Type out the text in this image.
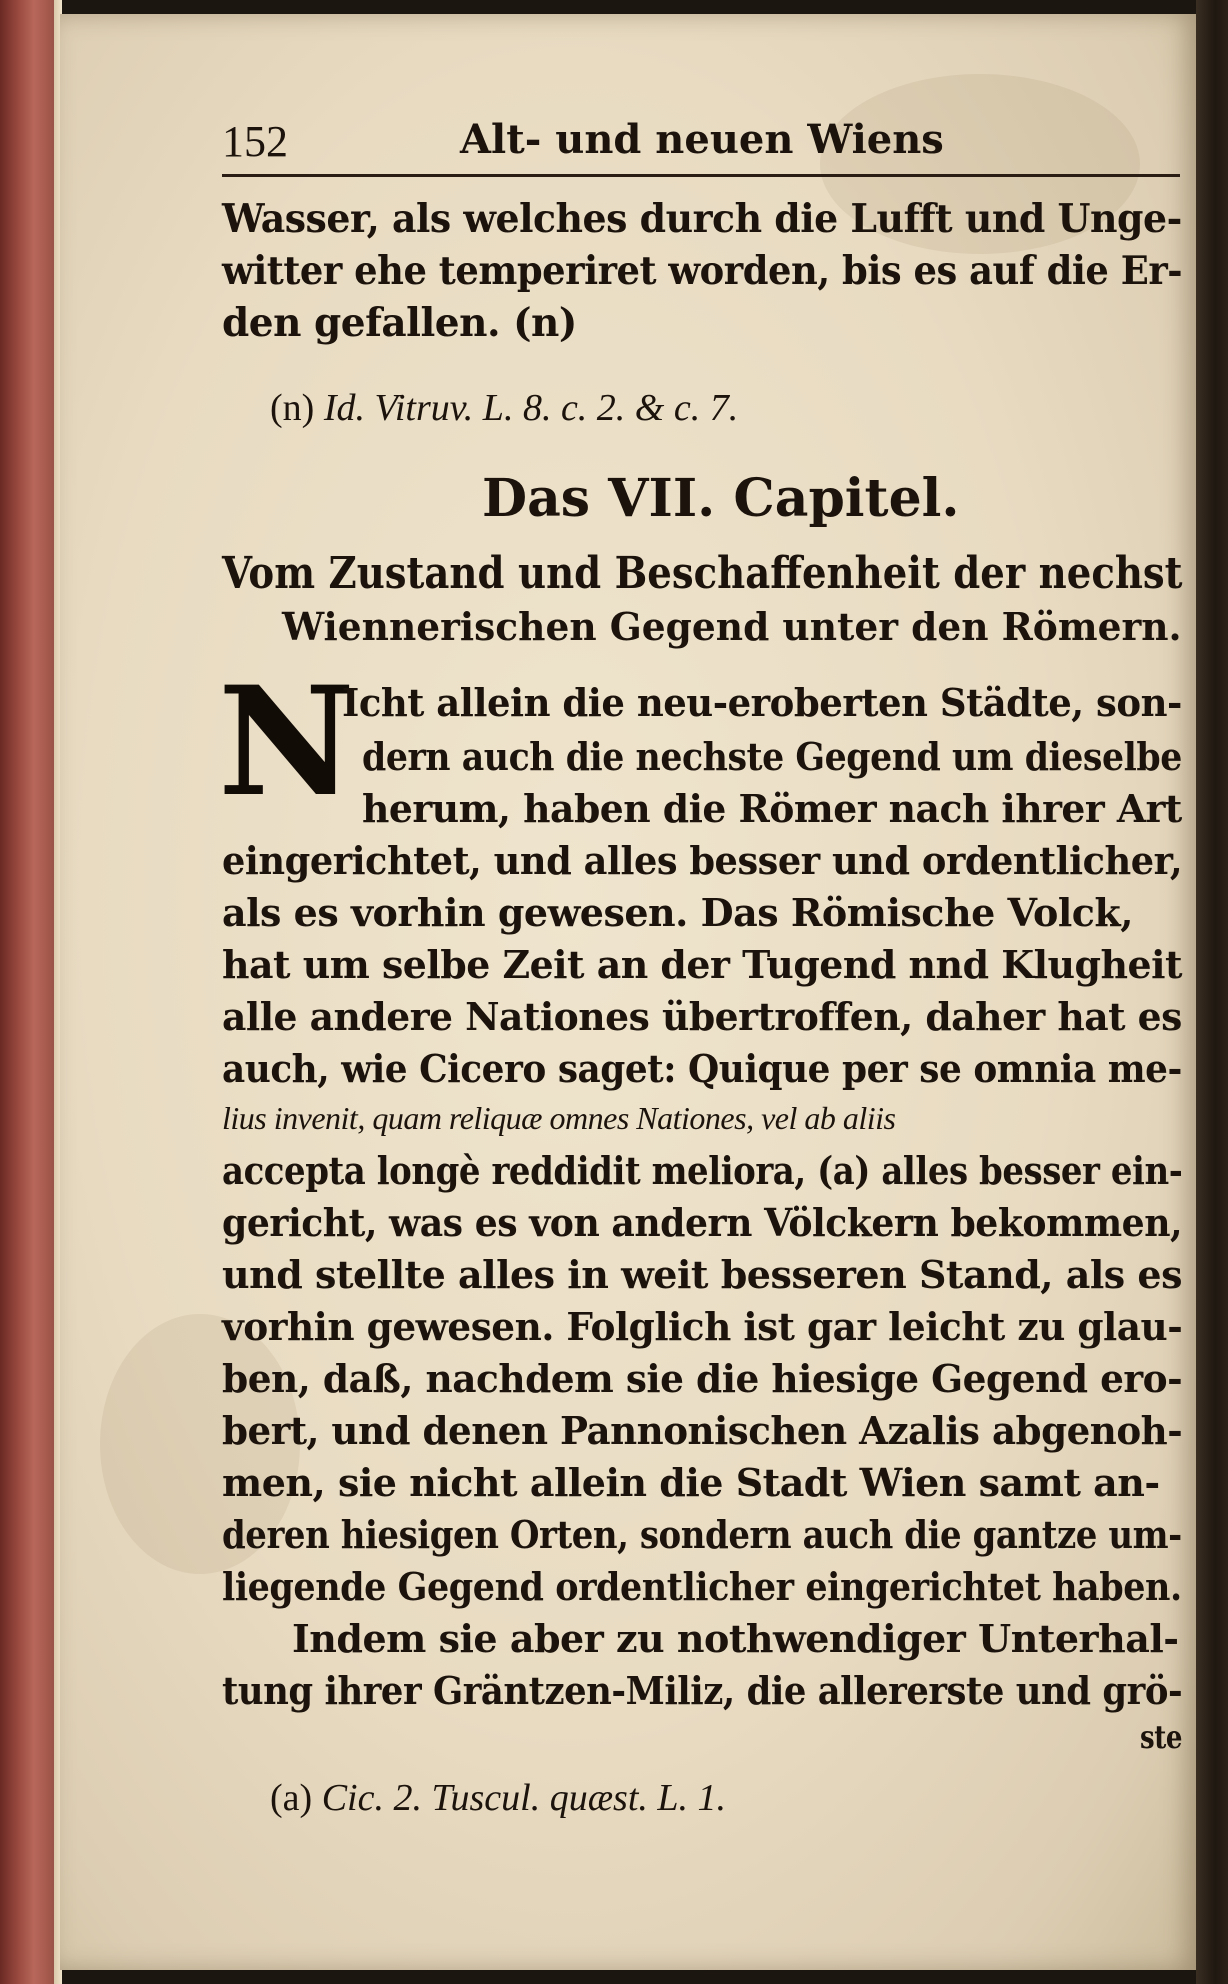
152	Alt- und neuen Wiens
Wasser, als welches durch die Lufft und Unge-
witter ehe temperiret worden, bis es auf die Er-
den gefallen. (n)
(n) Id. Vitruv. L. 8. c. 2. & c. 7.
Das VII. Capitel.
Vom Zustand und Beschaffenheit der nechst
Wiennerischen Gegend unter den Römern.
N
Icht allein die neu-eroberten Städte, son-
dern auch die nechste Gegend um dieselbe
herum, haben die Römer nach ihrer Art
eingerichtet, und alles besser und ordentlicher,
als es vorhin gewesen. Das Römische Volck,
hat um selbe Zeit an der Tugend nnd Klugheit
alle andere Nationes übertroffen, daher hat es
auch, wie Cicero saget: Quique per se omnia me-
lius invenit, quam reliquæ omnes Nationes, vel ab aliis
accepta longè reddidit meliora, (a) alles besser ein-
gericht, was es von andern Völckern bekommen,
und stellte alles in weit besseren Stand, als es
vorhin gewesen. Folglich ist gar leicht zu glau-
ben, daß, nachdem sie die hiesige Gegend ero-
bert, und denen Pannonischen Azalis abgenoh-
men, sie nicht allein die Stadt Wien samt an-
deren hiesigen Orten, sondern auch die gantze um-
liegende Gegend ordentlicher eingerichtet haben.
Indem sie aber zu nothwendiger Unterhal-
tung ihrer Gräntzen-Miliz, die allererste und grö-
ste
(a) Cic. 2. Tuscul. quæst. L. 1.
